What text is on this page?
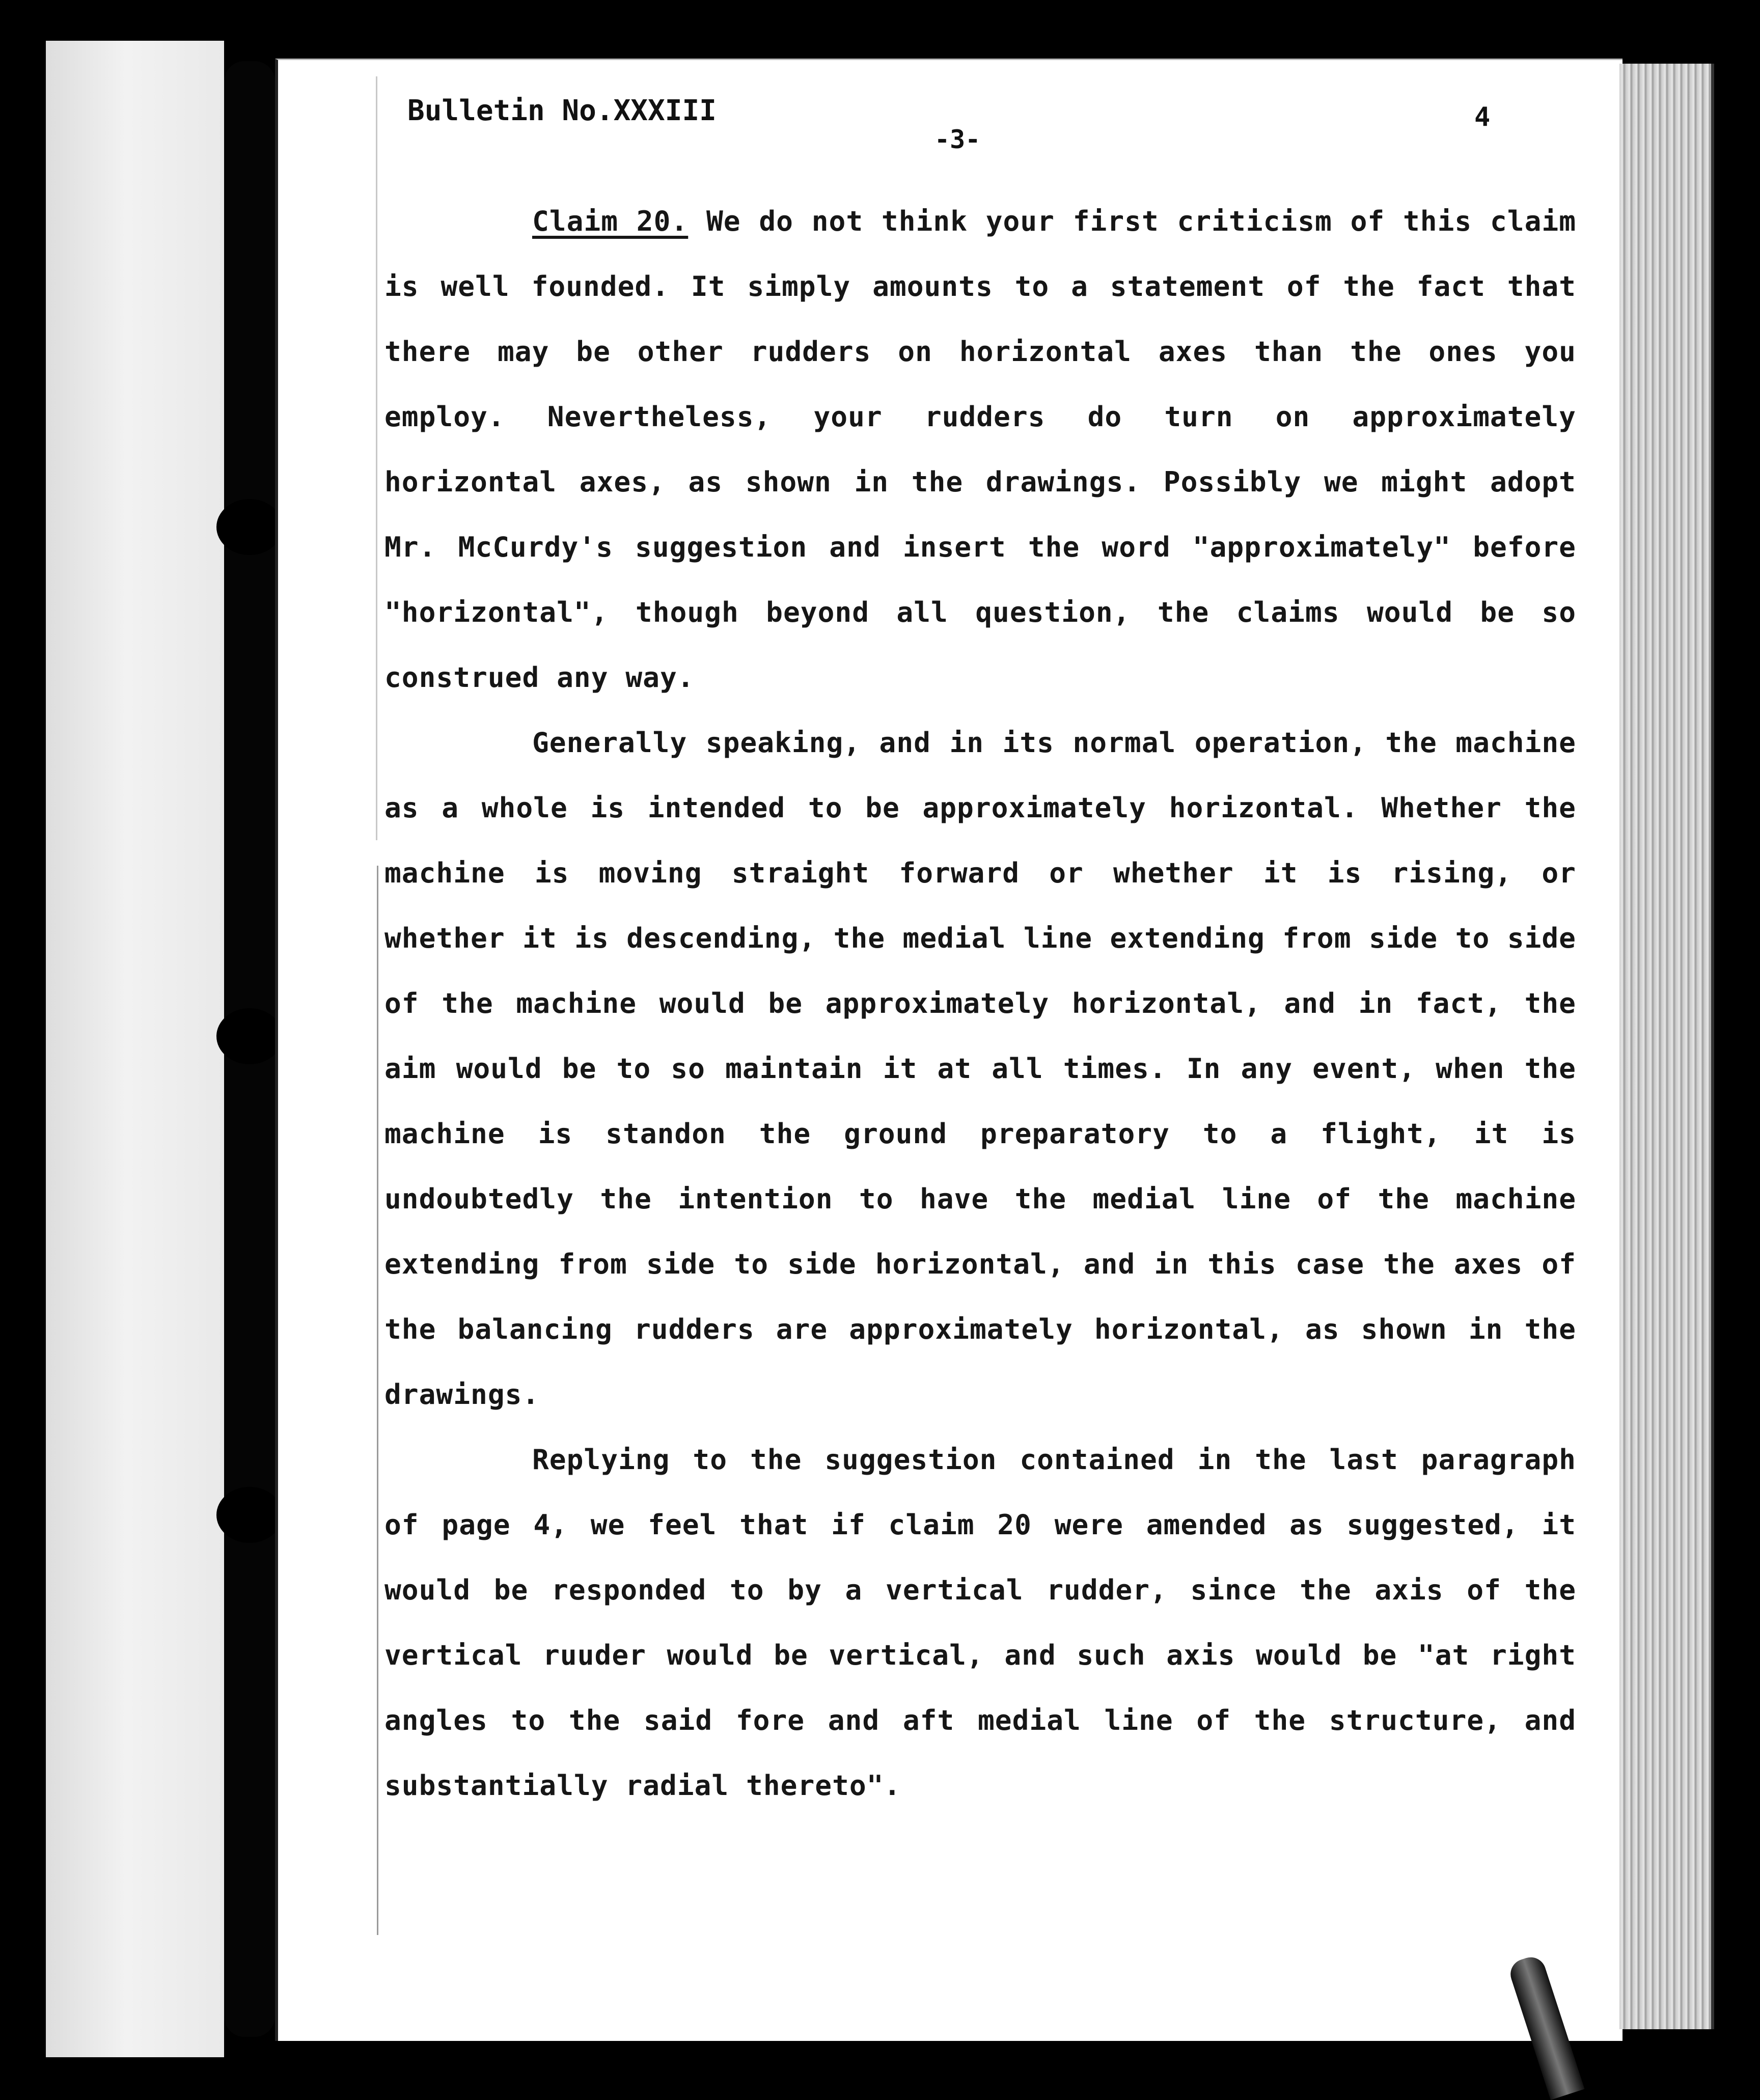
Bulletin No.XXXIII	4
-3-

Claim 20. We do not think your first criticism of this claim is well founded. It simply amounts to a statement of the fact that there may be other rudders on horizontal axes than the ones you employ. Nevertheless, your rudders do turn on approximately horizontal axes, as shown in the drawings. Possibly we might adopt Mr. McCurdy's suggestion and insert the word "approximately" before "horizontal", though beyond all question, the claims would be so construed any way.

Generally speaking, and in its normal operation, the machine as a whole is intended to be approximately horizontal. Whether the machine is moving straight forward or whether it is rising, or whether it is descending, the medial line extending from side to side of the machine would be approximately horizontal, and in fact, the aim would be to so maintain it at all times. In any event, when the machine is standon the ground preparatory to a flight, it is undoubtedly the intention to have the medial line of the machine extending from side to side horizontal, and in this case the axes of the balancing rudders are approximately horizontal, as shown in the drawings.

Replying to the suggestion contained in the last paragraph of page 4, we feel that if claim 20 were amended as suggested, it would be responded to by a vertical rudder, since the axis of the vertical ruuder would be vertical, and such axis would be "at right angles to the said fore and aft medial line of the structure, and substantially radial thereto".
